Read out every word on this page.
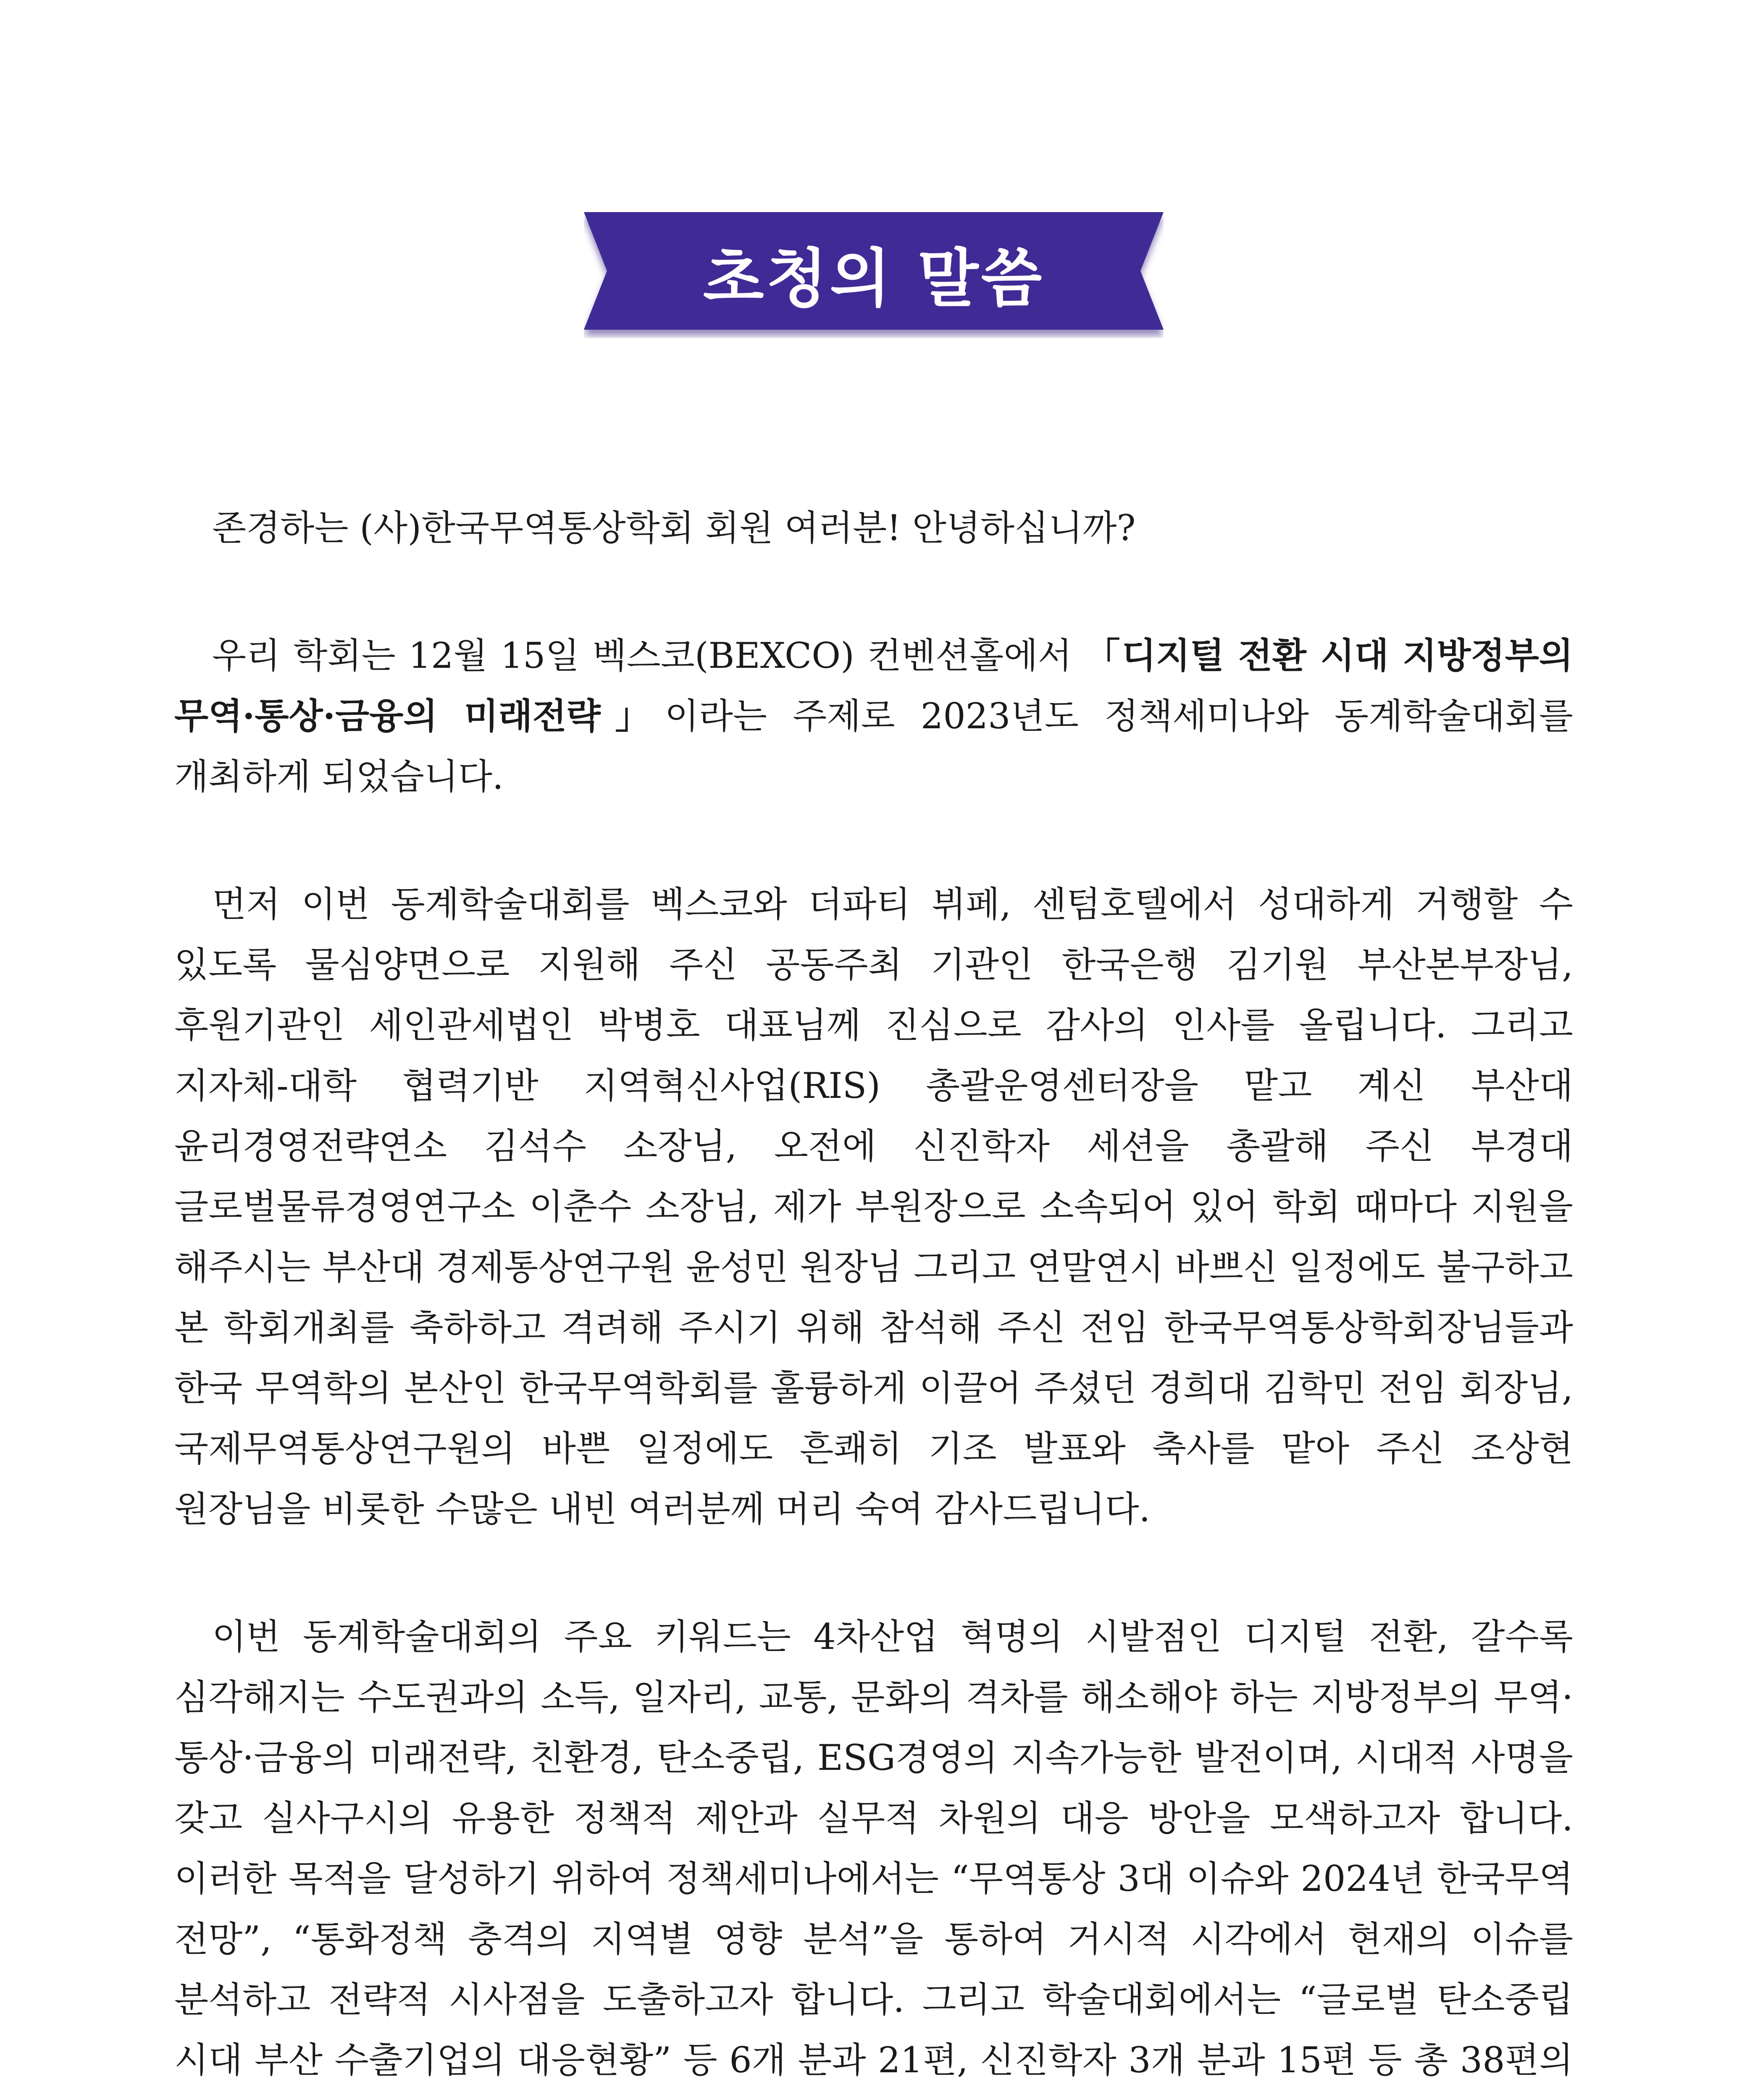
초청의 말씀

존경하는 (사)한국무역통상학회 회원 여러분! 안녕하십니까?

우리 학회는 12월 15일 벡스코(BEXCO) 컨벤션홀에서 「디지털 전환 시대 지방정부의 무역·통상·금융의 미래전략」이라는 주제로 2023년도 정책세미나와 동계학술대회를 개최하게 되었습니다.

먼저 이번 동계학술대회를 벡스코와 더파티 뷔페, 센텀호텔에서 성대하게 거행할 수 있도록 물심양면으로 지원해 주신 공동주최 기관인 한국은행 김기원 부산본부장님, 후원기관인 세인관세법인 박병호 대표님께 진심으로 감사의 인사를 올립니다. 그리고 지자체-대학 협력기반 지역혁신사업(RIS) 총괄운영센터장을 맡고 계신 부산대 윤리경영전략연소 김석수 소장님, 오전에 신진학자 세션을 총괄해 주신 부경대 글로벌물류경영연구소 이춘수 소장님, 제가 부원장으로 소속되어 있어 학회 때마다 지원을 해주시는 부산대 경제통상연구원 윤성민 원장님 그리고 연말연시 바쁘신 일정에도 불구하고 본 학회개최를 축하하고 격려해 주시기 위해 참석해 주신 전임 한국무역통상학회장님들과 한국 무역학의 본산인 한국무역학회를 훌륭하게 이끌어 주셨던 경희대 김학민 전임 회장님, 국제무역통상연구원의 바쁜 일정에도 흔쾌히 기조 발표와 축사를 맡아 주신 조상현 원장님을 비롯한 수많은 내빈 여러분께 머리 숙여 감사드립니다.

이번 동계학술대회의 주요 키워드는 4차산업 혁명의 시발점인 디지털 전환, 갈수록 심각해지는 수도권과의 소득, 일자리, 교통, 문화의 격차를 해소해야 하는 지방정부의 무역·통상·금융의 미래전략, 친환경, 탄소중립, ESG경영의 지속가능한 발전이며, 시대적 사명을 갖고 실사구시의 유용한 정책적 제안과 실무적 차원의 대응 방안을 모색하고자 합니다. 이러한 목적을 달성하기 위하여 정책세미나에서는 “무역통상 3대 이슈와 2024년 한국무역 전망”, “통화정책 충격의 지역별 영향 분석”을 통하여 거시적 시각에서 현재의 이슈를 분석하고 전략적 시사점을 도출하고자 합니다. 그리고 학술대회에서는 “글로벌 탄소중립 시대 부산 수출기업의 대응현황” 등 6개 분과 21편, 신진학자 3개 분과 15편 등 총 38편의
